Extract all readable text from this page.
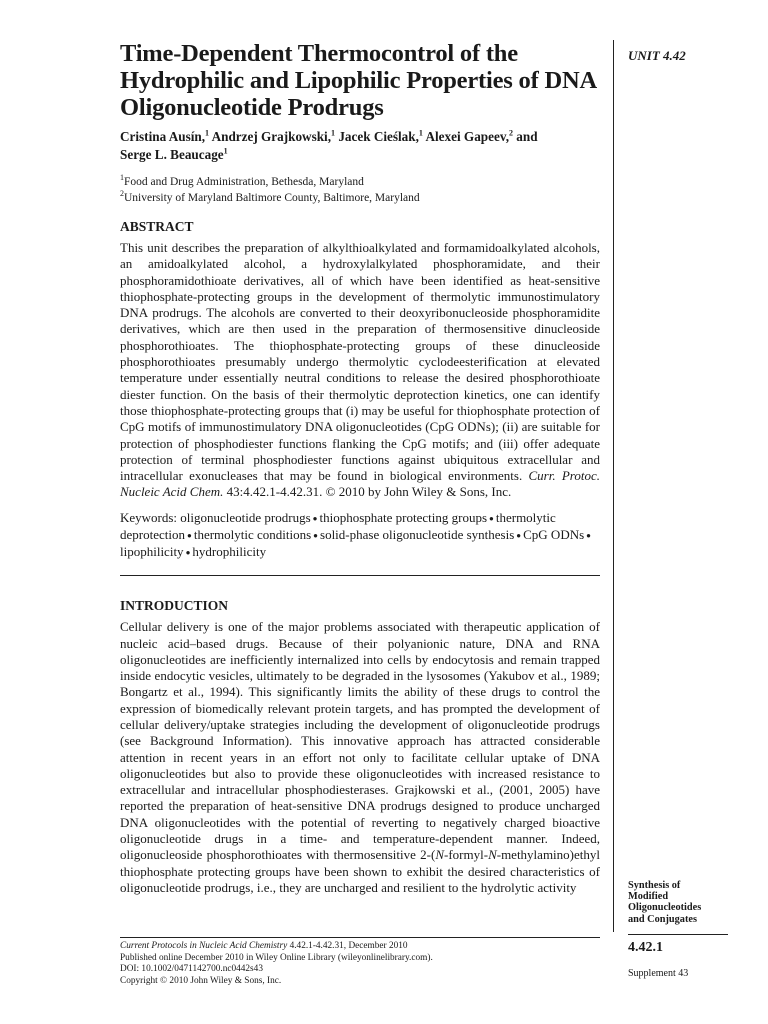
Time-Dependent Thermocontrol of the Hydrophilic and Lipophilic Properties of DNA Oligonucleotide Prodrugs
Cristina Ausín,$^1$ Andrzej Grajkowski,$^1$ Jacek Cieślak,$^1$ Alexei Gapeev,$^2$ and
Serge L. Beaucage$^1$
$^1$Food and Drug Administration, Bethesda, Maryland
$^2$University of Maryland Baltimore County, Baltimore, Maryland
ABSTRACT

This unit describes the preparation of alkylthioalkylated and formamidoalkylated alcohols, an amidoalkylated alcohol, a hydroxylalkylated phosphoramidate, and their phosphoramidothioate derivatives, all of which have been identified as heat-sensitive thiophosphate-protecting groups in the development of thermolytic immunostimulatory DNA prodrugs. The alcohols are converted to their deoxyribonucleoside phosphoramidite derivatives, which are then used in the preparation of thermosensitive dinucleoside phosphorothioates. The thiophosphate-protecting groups of these dinucleoside phosphorothioates presumably undergo thermolytic cyclodeesterification at elevated temperature under essentially neutral conditions to release the desired phosphorothioate diester function. On the basis of their thermolytic deprotection kinetics, one can identify those thiophosphate-protecting groups that (i) may be useful for thiophosphate protection of CpG motifs of immunostimulatory DNA oligonucleotides (CpG ODNs); (ii) are suitable for protection of phosphodiester functions flanking the CpG motifs; and (iii) offer adequate protection of terminal phosphodiester functions against ubiquitous extracellular and intracellular exonucleases that may be found in biological environments. Curr. Protoc. Nucleic Acid Chem. 43:4.42.1-4.42.31. © 2010 by John Wiley & Sons, Inc.

Keywords: oligonucleotide prodrugs ● thiophosphate protecting groups ● thermolytic deprotection ● thermolytic conditions ● solid-phase oligonucleotide synthesis ● CpG ODNs ● lipophilicity ● hydrophilicity
INTRODUCTION

Cellular delivery is one of the major problems associated with therapeutic application of nucleic acid–based drugs. Because of their polyanionic nature, DNA and RNA oligonucleotides are inefficiently internalized into cells by endocytosis and remain trapped inside endocytic vesicles, ultimately to be degraded in the lysosomes (Yakubov et al., 1989; Bongartz et al., 1994). This significantly limits the ability of these drugs to control the expression of biomedically relevant protein targets, and has prompted the development of cellular delivery/uptake strategies including the development of oligonucleotide prodrugs (see Background Information). This innovative approach has attracted considerable attention in recent years in an effort not only to facilitate cellular uptake of DNA oligonucleotides but also to provide these oligonucleotides with increased resistance to extracellular and intracellular phosphodiesterases. Grajkowski et al., (2001, 2005) have reported the preparation of heat-sensitive DNA prodrugs designed to produce uncharged DNA oligonucleotides with the potential of reverting to negatively charged bioactive oligonucleotide drugs in a time- and temperature-dependent manner. Indeed, oligonucleoside phosphorothioates with thermosensitive 2-(N-formyl-N-methylamino)ethyl thiophosphate protecting groups have been shown to exhibit the desired characteristics of oligonucleotide prodrugs, i.e., they are uncharged and resilient to the hydrolytic activity

UNIT 4.42
Synthesis of
Modified
Oligonucleotides
and Conjugates
4.42.1
Supplement 43
Current Protocols in Nucleic Acid Chemistry 4.42.1-4.42.31, December 2010
Published online December 2010 in Wiley Online Library (wileyonlinelibrary.com).
DOI: 10.1002/0471142700.nc0442s43
Copyright © 2010 John Wiley & Sons, Inc.
